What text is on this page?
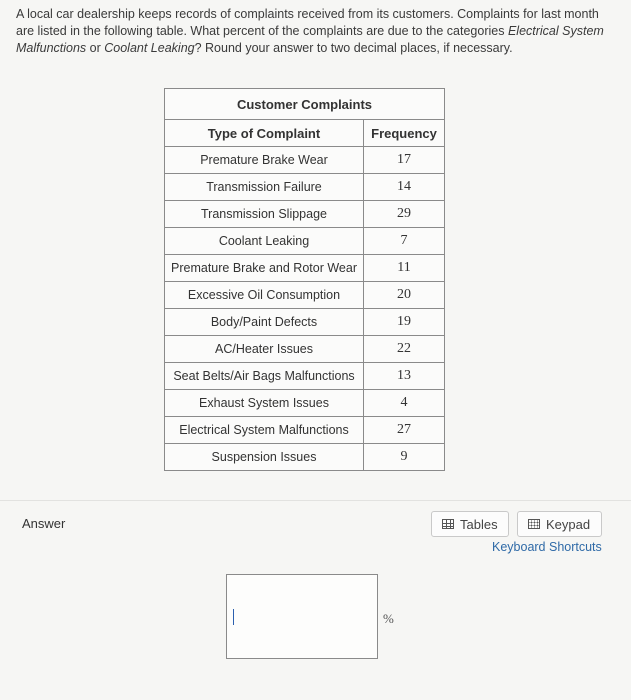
A local car dealership keeps records of complaints received from its customers. Complaints for last month are listed in the following table. What percent of the complaints are due to the categories Electrical System Malfunctions or Coolant Leaking? Round your answer to two decimal places, if necessary.
Customer Complaints	
Type of Complaint	Frequency
Premature Brake Wear	17
Transmission Failure	14
Transmission Slippage	29
Coolant Leaking	7
Premature Brake and Rotor Wear	11
Excessive Oil Consumption	20
Body/Paint Defects	19
AC/Heater Issues	22
Seat Belts/Air Bags Malfunctions	13
Exhaust System Issues	4
Electrical System Malfunctions	27
Suspension Issues	9
Answer	Tables	Keypad
Keyboard Shortcuts
%
